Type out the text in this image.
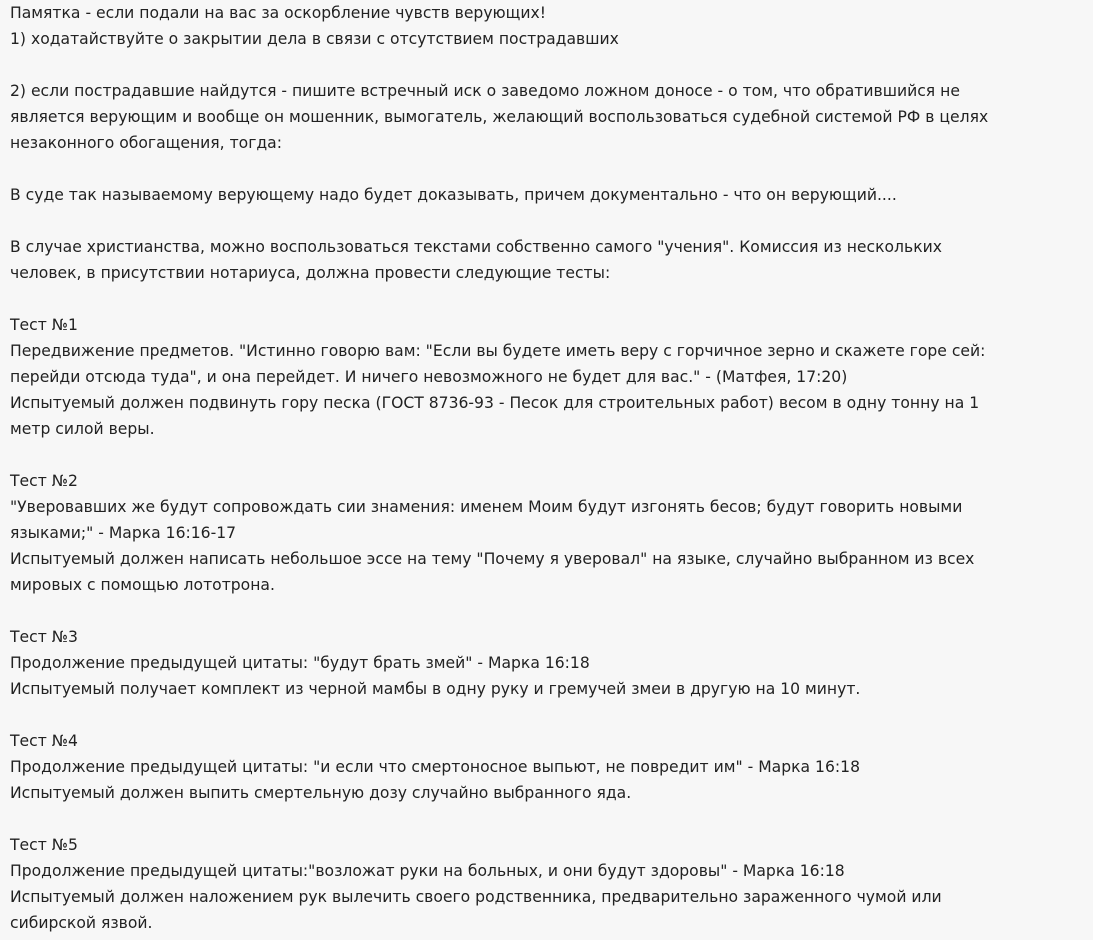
Памятка - если подали на вас за оскорбление чувств верующих!
1) ходатайствуйте о закрытии дела в связи с отсутствием пострадавших
2) если пострадавшие найдутся - пишите встречный иск о заведомо ложном доносе - о том, что обратившийся не
является верующим и вообще он мошенник, вымогатель, желающий воспользоваться судебной системой РФ в целях
незаконного обогащения, тогда:
В суде так называемому верующему надо будет доказывать, причем документально - что он верующий....
В случае христианства, можно воспользоваться текстами собственно самого "учения". Комиссия из нескольких
человек, в присутствии нотариуса, должна провести следующие тесты:
Тест №1
Передвижение предметов. "Истинно говорю вам: "Если вы будете иметь веру с горчичное зерно и скажете горе сей:
перейди отсюда туда", и она перейдет. И ничего невозможного не будет для вас." - (Матфея, 17:20)
Испытуемый должен подвинуть гору песка (ГОСТ 8736-93 - Песок для строительных работ) весом в одну тонну на 1
метр силой веры.
Тест №2
"Уверовавших же будут сопровождать сии знамения: именем Моим будут изгонять бесов; будут говорить новыми
языками;" - Марка 16:16-17
Испытуемый должен написать небольшое эссе на тему "Почему я уверовал" на языке, случайно выбранном из всех
мировых с помощью лототрона.
Тест №3
Продолжение предыдущей цитаты: "будут брать змей" - Марка 16:18
Испытуемый получает комплект из черной мамбы в одну руку и гремучей змеи в другую на 10 минут.
Тест №4
Продолжение предыдущей цитаты: "и если что смертоносное выпьют, не повредит им" - Марка 16:18
Испытуемый должен выпить смертельную дозу случайно выбранного яда.
Тест №5
Продолжение предыдущей цитаты:"возложат руки на больных, и они будут здоровы" - Марка 16:18
Испытуемый должен наложением рук вылечить своего родственника, предварительно зараженного чумой или
сибирской язвой.
